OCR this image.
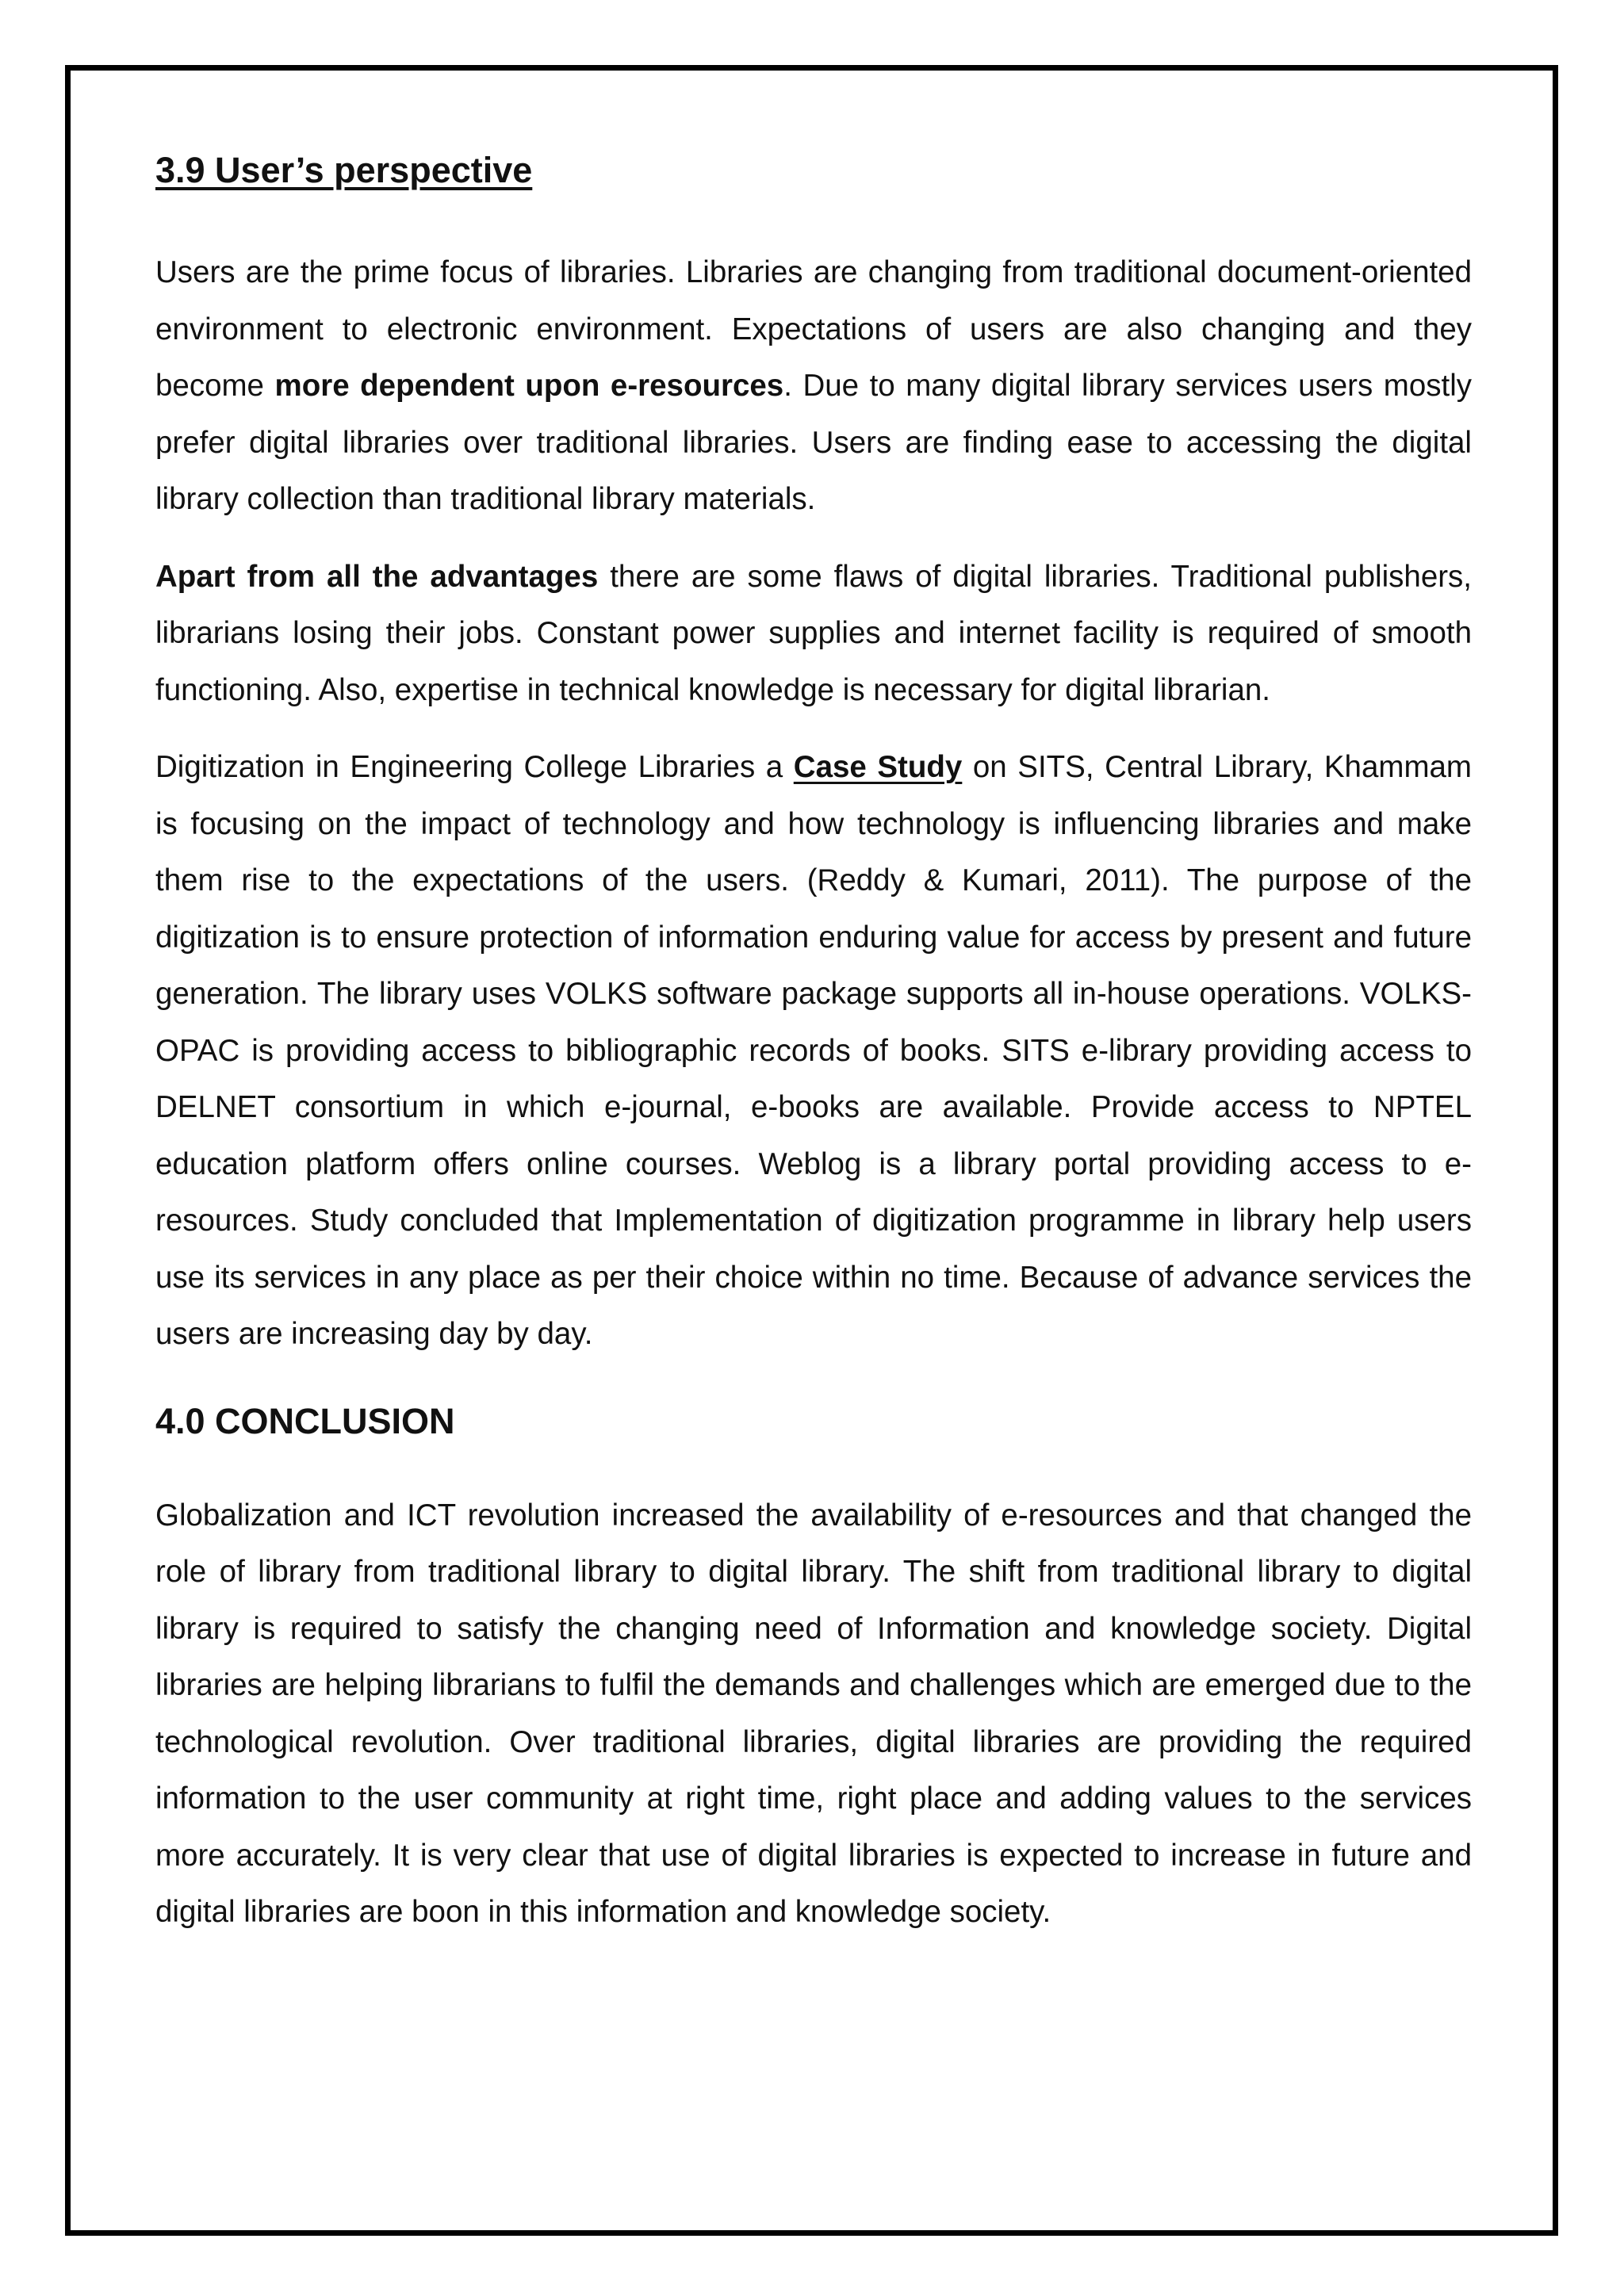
3.9 User’s perspective

Users are the prime focus of libraries. Libraries are changing from traditional document-oriented environment to electronic environment. Expectations of users are also changing and they become more dependent upon e-resources. Due to many digital library services users mostly prefer digital libraries over traditional libraries. Users are finding ease to accessing the digital library collection than traditional library materials.

Apart from all the advantages there are some flaws of digital libraries. Traditional publishers, librarians losing their jobs. Constant power supplies and internet facility is required of smooth functioning. Also, expertise in technical knowledge is necessary for digital librarian.

Digitization in Engineering College Libraries a Case Study on SITS, Central Library, Khammam is focusing on the impact of technology and how technology is influencing libraries and make them rise to the expectations of the users. (Reddy & Kumari, 2011). The purpose of the digitization is to ensure protection of information enduring value for access by present and future generation. The library uses VOLKS software package supports all in-house operations. VOLKS-OPAC is providing access to bibliographic records of books. SITS e-library providing access to DELNET consortium in which e-journal, e-books are available. Provide access to NPTEL education platform offers online courses. Weblog is a library portal providing access to e-resources. Study concluded that Implementation of digitization programme in library help users use its services in any place as per their choice within no time. Because of advance services the users are increasing day by day.

4.0 CONCLUSION

Globalization and ICT revolution increased the availability of e-resources and that changed the role of library from traditional library to digital library. The shift from traditional library to digital library is required to satisfy the changing need of Information and knowledge society. Digital libraries are helping librarians to fulfil the demands and challenges which are emerged due to the technological revolution. Over traditional libraries, digital libraries are providing the required information to the user community at right time, right place and adding values to the services more accurately. It is very clear that use of digital libraries is expected to increase in future and digital libraries are boon in this information and knowledge society.
